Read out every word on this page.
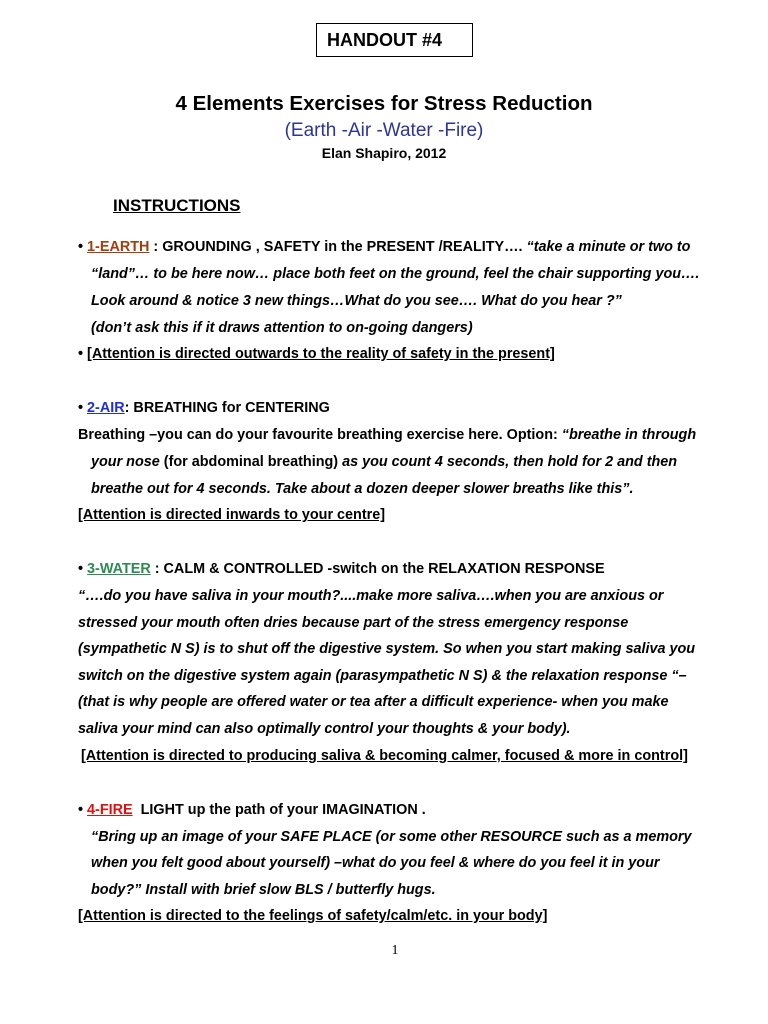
HANDOUT #4
4 Elements Exercises for Stress Reduction
(Earth -Air -Water -Fire)
Elan Shapiro, 2012
INSTRUCTIONS
• 1-EARTH : GROUNDING , SAFETY in the PRESENT /REALITY…. “take a minute or two to
“land”… to be here now… place both feet on the ground, feel the chair supporting you….
Look around & notice 3 new things…What do you see…. What do you hear ?”
(don’t ask this if it draws attention to on-going dangers)
• [Attention is directed outwards to the reality of safety in the present]
• 2-AIR: BREATHING for CENTERING
Breathing –you can do your favourite breathing exercise here. Option: “breathe in through
your nose (for abdominal breathing) as you count 4 seconds, then hold for 2 and then
breathe out for 4 seconds. Take about a dozen deeper slower breaths like this”.
[Attention is directed inwards to your centre]
• 3-WATER : CALM & CONTROLLED -switch on the RELAXATION RESPONSE
“….do you have saliva in your mouth?....make more saliva….when you are anxious or
stressed your mouth often dries because part of the stress emergency response
(sympathetic N S) is to shut off the digestive system. So when you start making saliva you
switch on the digestive system again (parasympathetic N S) & the relaxation response “–
(that is why people are offered water or tea after a difficult experience- when you make
saliva your mind can also optimally control your thoughts & your body).
[Attention is directed to producing saliva & becoming calmer, focused & more in control]
• 4-FIRE  LIGHT up the path of your IMAGINATION .
“Bring up an image of your SAFE PLACE (or some other RESOURCE such as a memory
when you felt good about yourself) –what do you feel & where do you feel it in your
body?” Install with brief slow BLS / butterfly hugs.
[Attention is directed to the feelings of safety/calm/etc. in your body]
1
